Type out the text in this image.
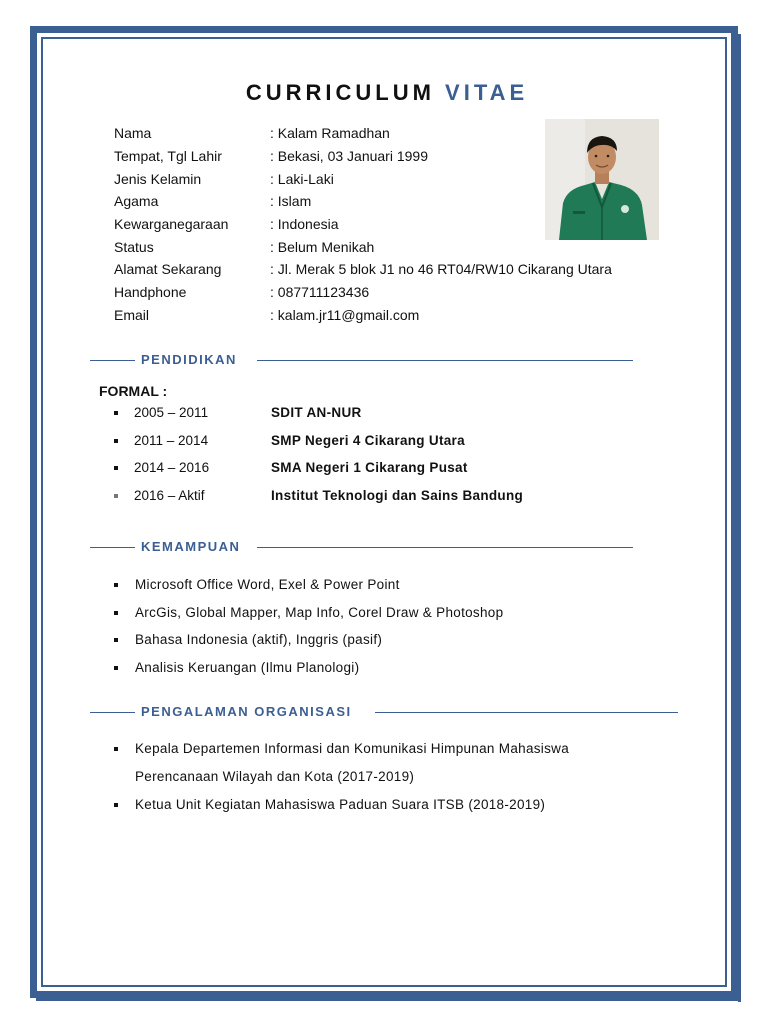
CURRICULUM VITAE
Nama	: Kalam Ramadhan
Tempat, Tgl Lahir	: Bekasi, 03 Januari 1999
Jenis Kelamin	: Laki-Laki
Agama	: Islam
Kewarganegaraan	: Indonesia
Status	: Belum Menikah
Alamat Sekarang	: Jl. Merak 5 blok J1 no 46 RT04/RW10 Cikarang Utara
Handphone	: 087711123436
Email	: kalam.jr11@gmail.com
PENDIDIKAN
FORMAL :
2005 – 2011	SDIT AN-NUR
2011 – 2014	SMP Negeri 4 Cikarang Utara
2014 – 2016	SMA Negeri 1 Cikarang Pusat
2016 – Aktif	Institut Teknologi dan Sains Bandung
KEMAMPUAN
Microsoft Office Word, Exel & Power Point
ArcGis, Global Mapper, Map Info, Corel Draw & Photoshop
Bahasa Indonesia (aktif), Inggris (pasif)
Analisis Keruangan (Ilmu Planologi)
PENGALAMAN ORGANISASI
Kepala Departemen Informasi dan Komunikasi Himpunan Mahasiswa
Perencanaan Wilayah dan Kota (2017-2019)
Ketua Unit Kegiatan Mahasiswa Paduan Suara ITSB (2018-2019)
